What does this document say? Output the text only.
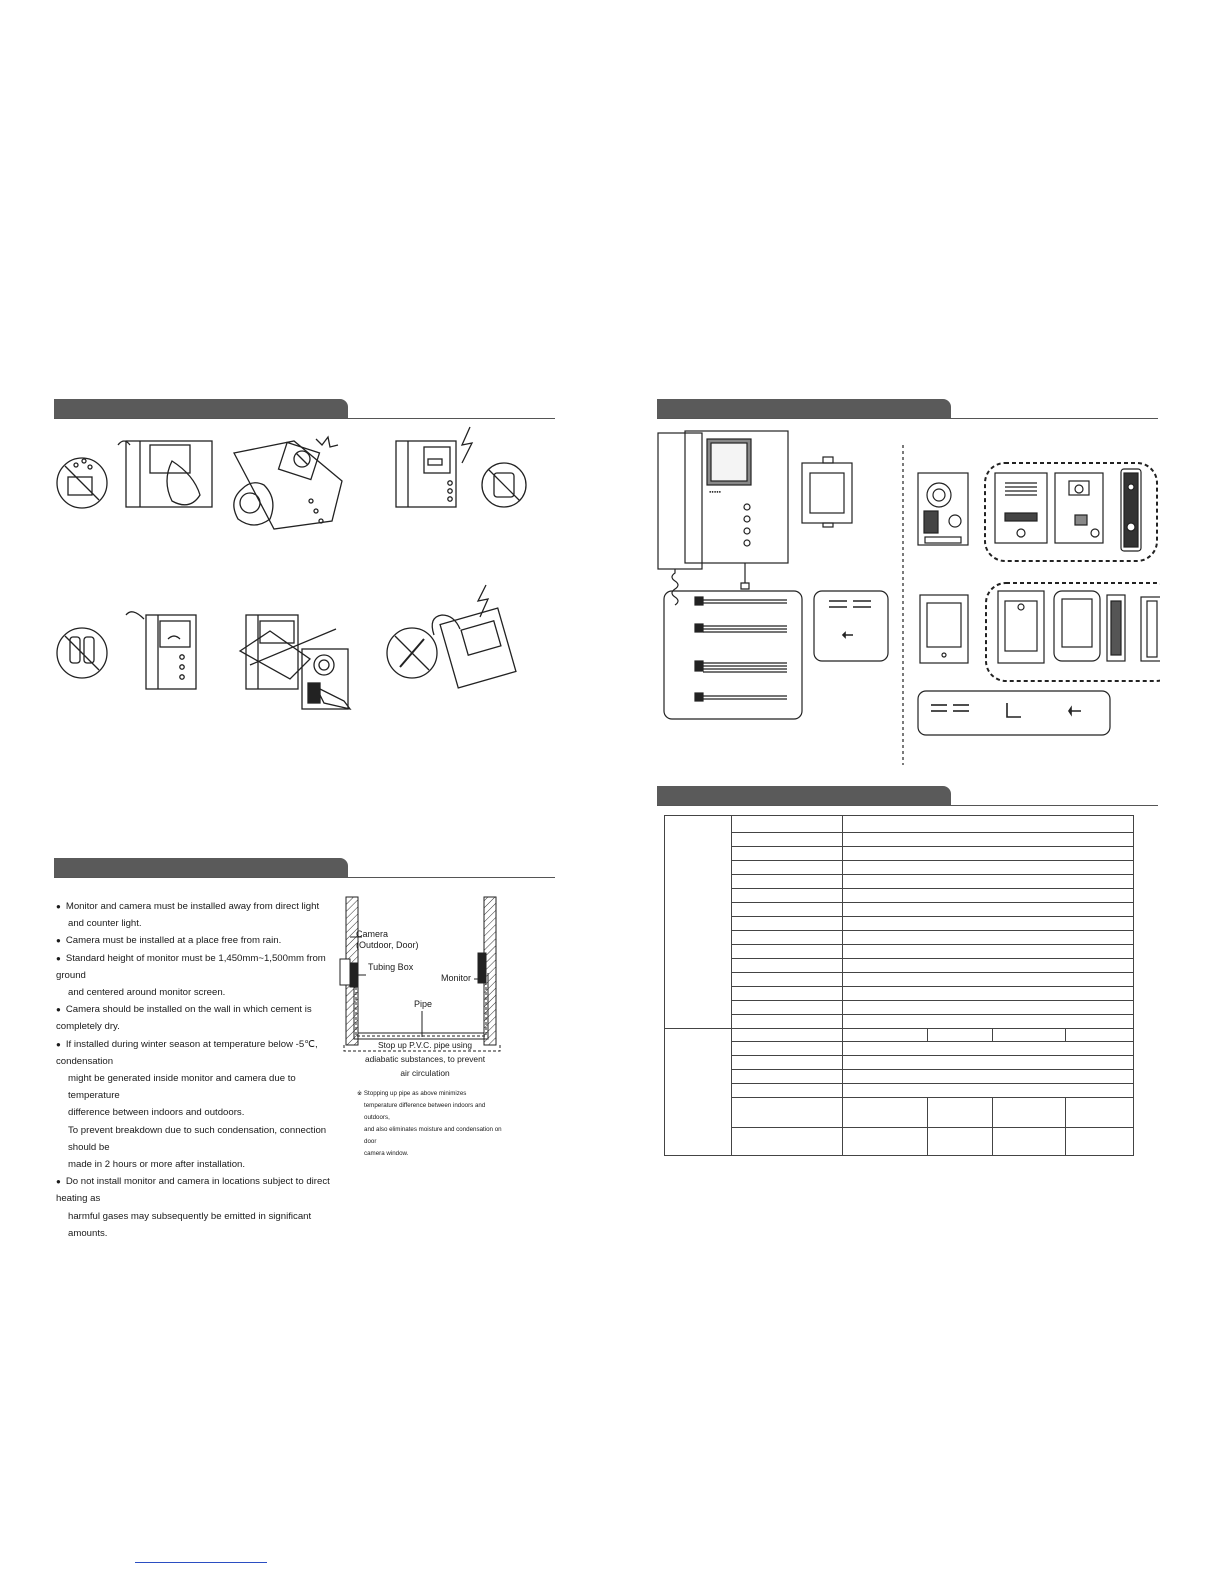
● Monitor and camera must be installed away from direct light

and counter light.

● Camera must be installed at a place free from rain.

● Standard height of monitor must be 1,450mm~1,500mm from ground

and centered around monitor screen.

● Camera should be installed on the wall in which cement is completely dry.

● If installed during winter season at temperature below -5℃, condensation

might be generated inside monitor and camera due to temperature

difference between indoors and outdoors.

To prevent breakdown due to such condensation, connection should be

made in 2 hours or more after installation.

● Do not install monitor and camera in locations subject to direct heating as

harmful gases may subsequently be emitted in significant amounts.

Camera
(Outdoor, Door)
Tubing Box
Monitor
Pipe
Stop up P.V.C. pipe using
adiabatic substances, to prevent
air circulation
※ Stopping up pipe as above minimizes
temperature difference between indoors and outdoors,
and also eliminates moisture and condensation on door
camera window.
●●●●●
